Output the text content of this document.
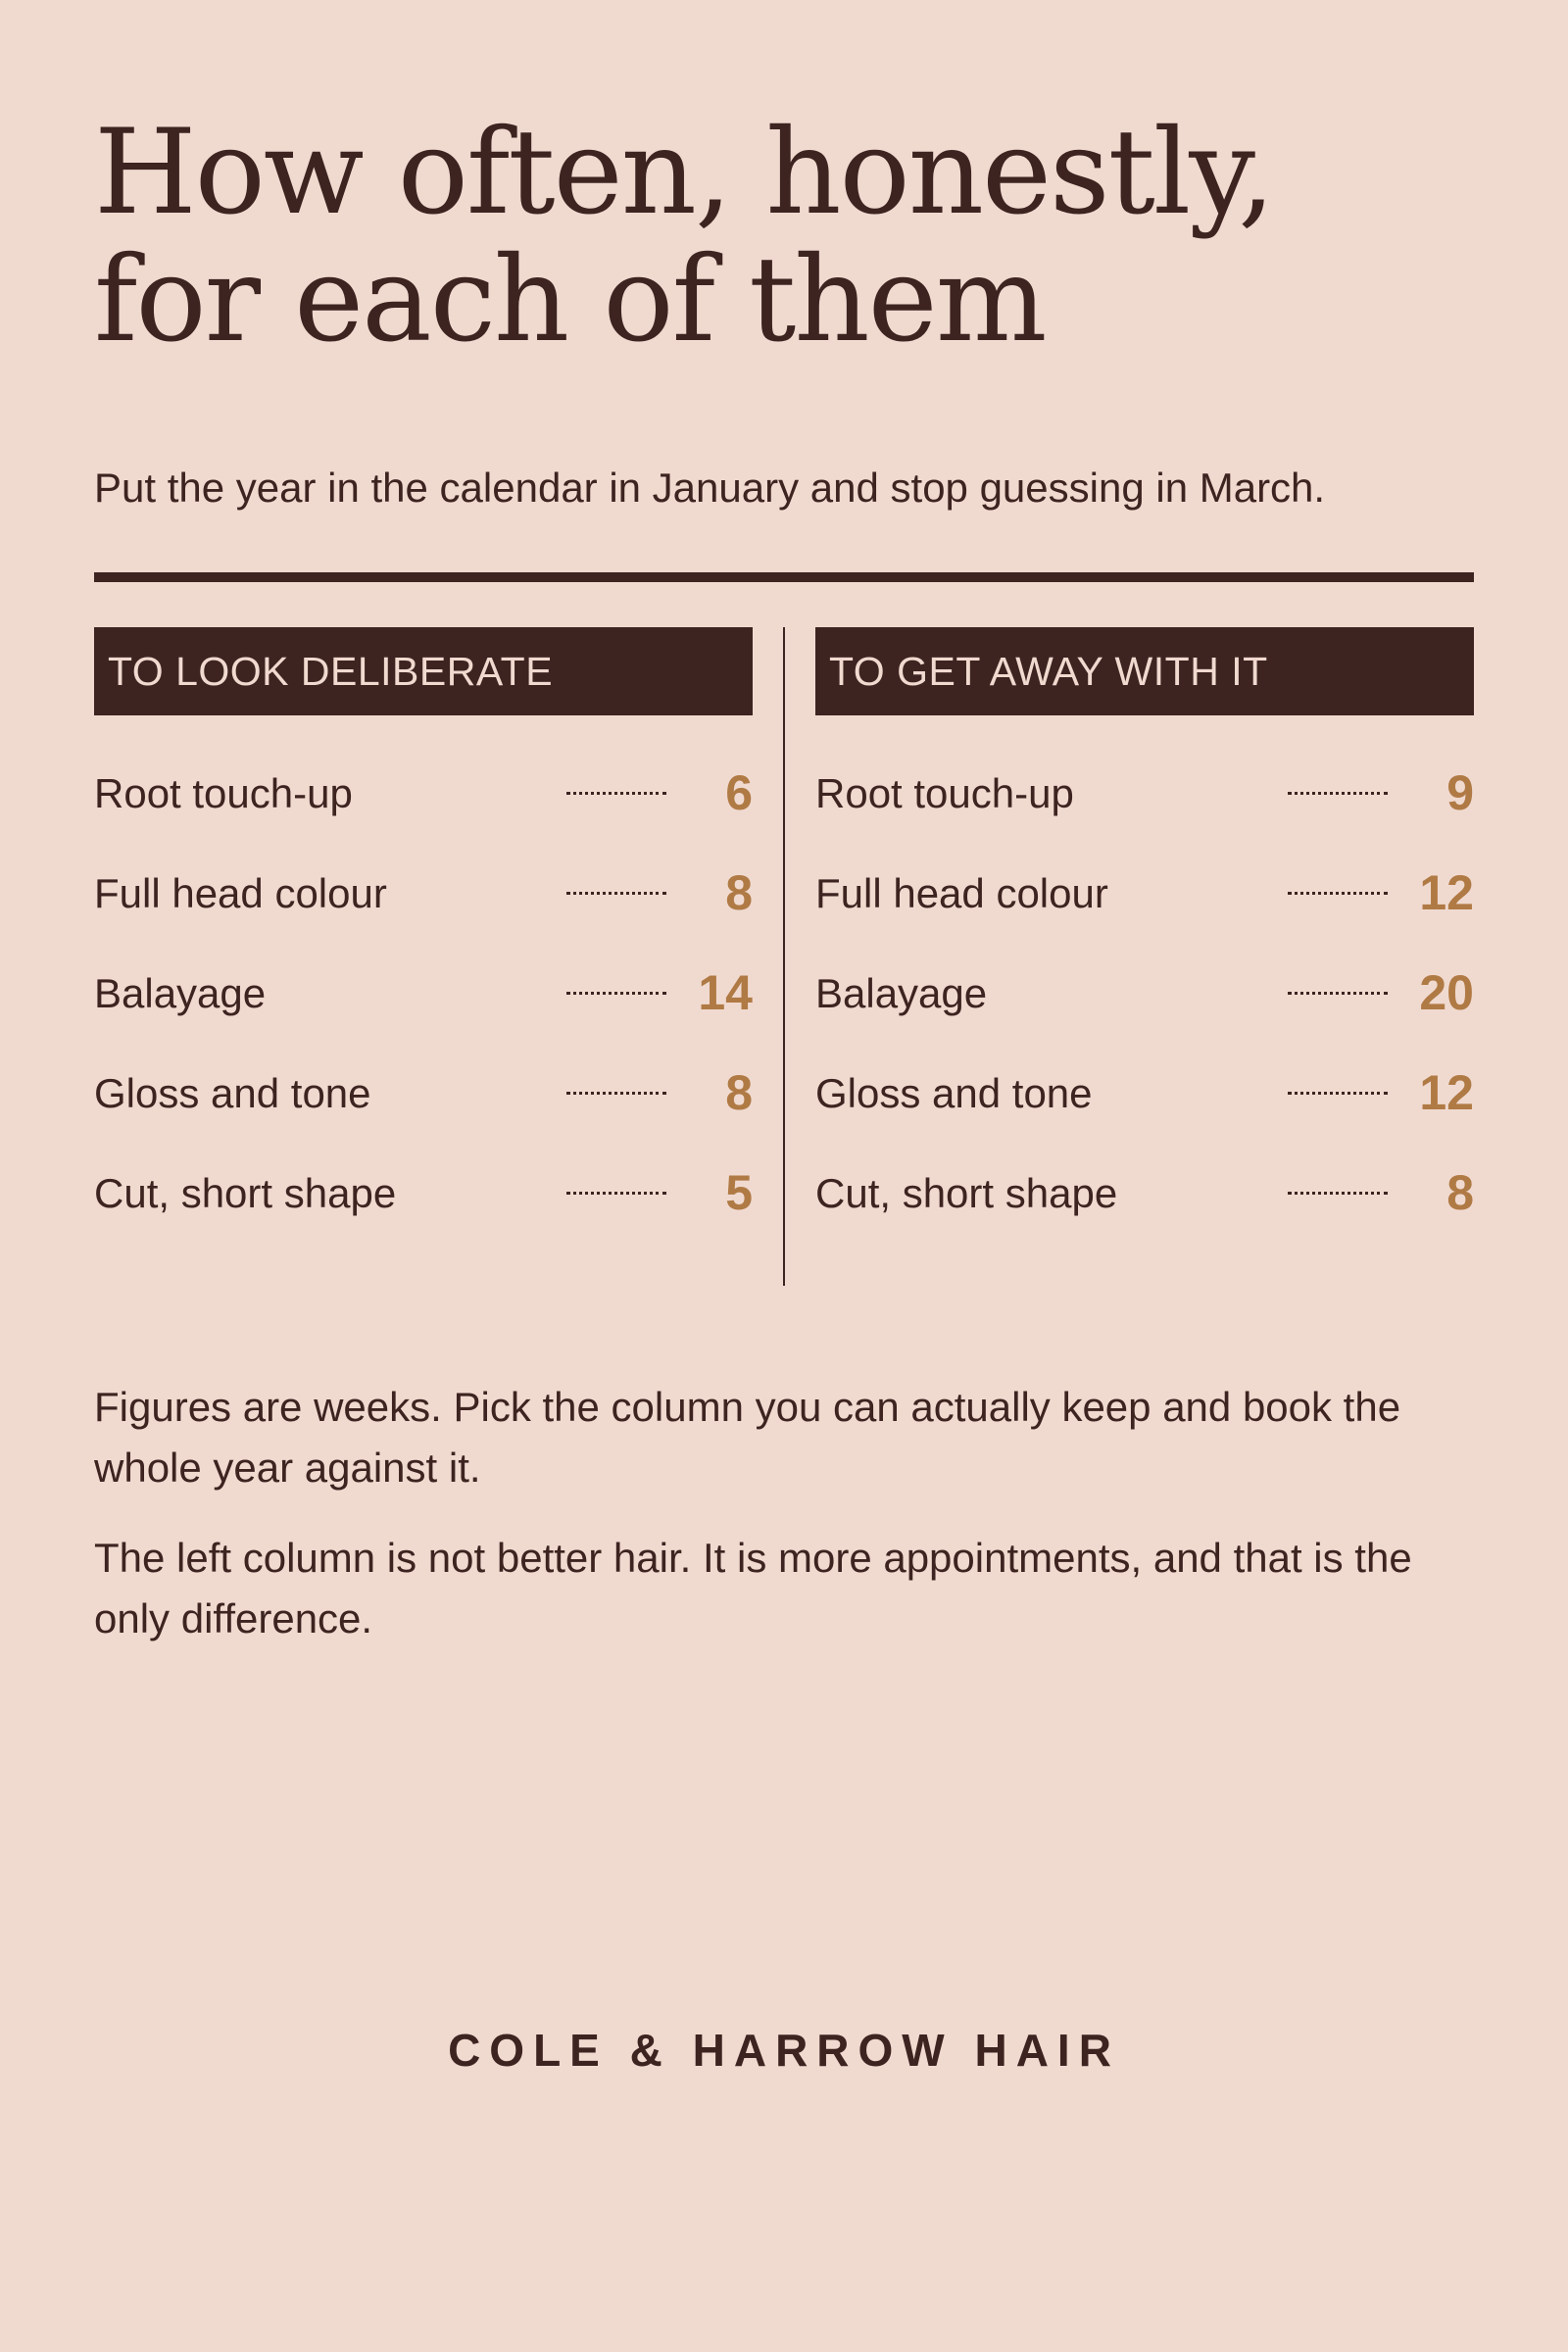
How often, honestly,
for each of them

Put the year in the calendar in January and stop guessing in March.

TO LOOK DELIBERATE
Root touch-up	6
Full head colour	8
Balayage	14
Gloss and tone	8
Cut, short shape	5
TO GET AWAY WITH IT
Root touch-up	9
Full head colour	12
Balayage	20
Gloss and tone	12
Cut, short shape	8

Figures are weeks. Pick the column you can actually keep and book the whole year against it.

The left column is not better hair. It is more appointments, and that is the only difference.

COLE & HARROW HAIR
